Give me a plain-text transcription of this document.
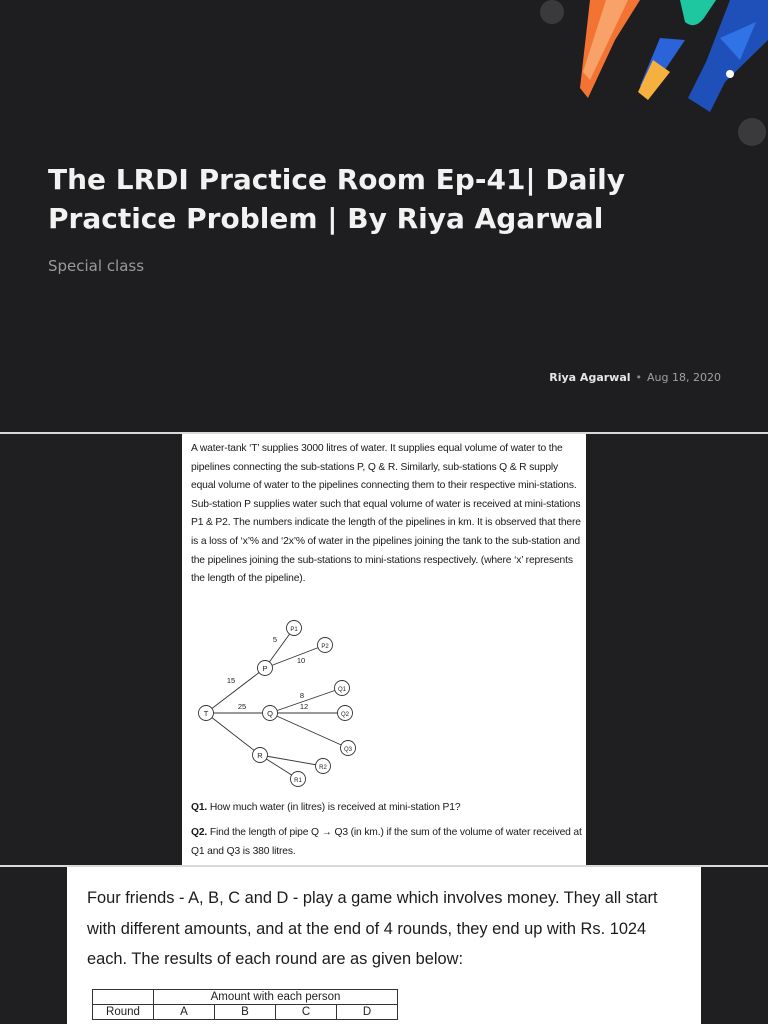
The LRDI Practice Room Ep-41| Daily Practice Problem | By Riya Agarwal
Special class
Riya Agarwal • Aug 18, 2020

A water-tank ‘T’ supplies 3000 litres of water. It supplies equal volume of water to the pipelines connecting the sub-stations P, Q & R. Similarly, sub-stations Q & R supply equal volume of water to the pipelines connecting them to their respective mini-stations. Sub-station P supplies water such that equal volume of water is received at mini-stations P1 & P2. The numbers indicate the length of the pipelines in km. It is observed that there is a loss of ‘x’% and ‘2x’% of water in the pipelines joining the tank to the sub-station and the pipelines joining the sub-stations to mini-stations respectively. (where ‘x’ represents the length of the pipeline).

T
P
Q
R
P1
P2
Q1
Q2
Q3
R1
R2
15
25
5
10
8
12
Q1. How much water (in litres) is received at mini-station P1?
Q2. Find the length of pipe Q → Q3 (in km.) if the sum of the volume of water received at Q1 and Q3 is 380 litres.
Four friends - A, B, C and D - play a game which involves money. They all start with different amounts, and at the end of 4 rounds, they end up with Rs. 1024 each. The results of each round are as given below:
	Amount with each person			
Round	A	B	C	D
